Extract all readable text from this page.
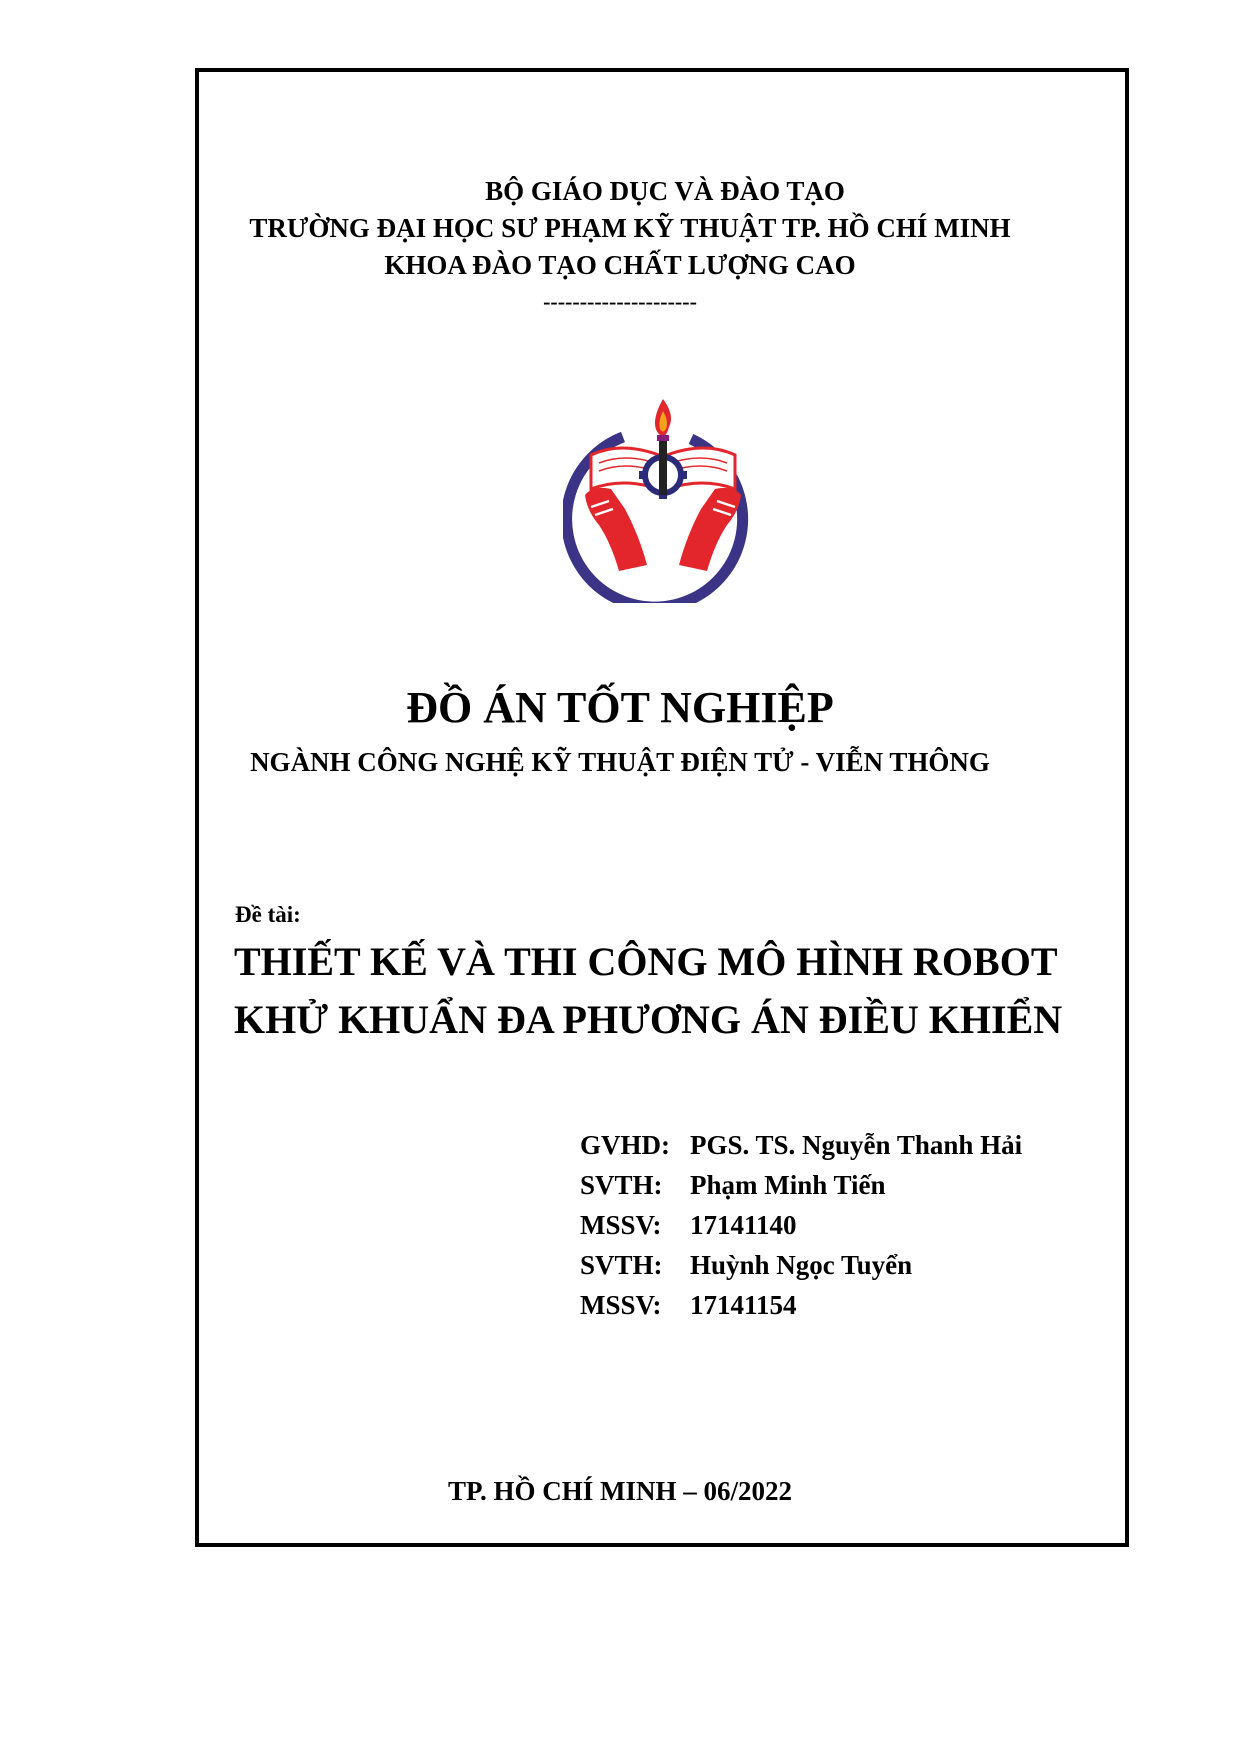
BỘ GIÁO DỤC VÀ ĐÀO TẠO
TRƯỜNG ĐẠI HỌC SƯ PHẠM KỸ THUẬT TP. HỒ CHÍ MINH
KHOA ĐÀO TẠO CHẤT LƯỢNG CAO
---------------------
ĐỒ ÁN TỐT NGHIỆP
NGÀNH CÔNG NGHỆ KỸ THUẬT ĐIỆN TỬ - VIỄN THÔNG
Đề tài:
THIẾT KẾ VÀ THI CÔNG MÔ HÌNH ROBOT
KHỬ KHUẨN ĐA PHƯƠNG ÁN ĐIỀU KHIỂN
GVHD: PGS. TS. Nguyễn Thanh Hải
SVTH: Phạm Minh Tiến
MSSV: 17141140
SVTH: Huỳnh Ngọc Tuyển
MSSV: 17141154
TP. HỒ CHÍ MINH – 06/2022
